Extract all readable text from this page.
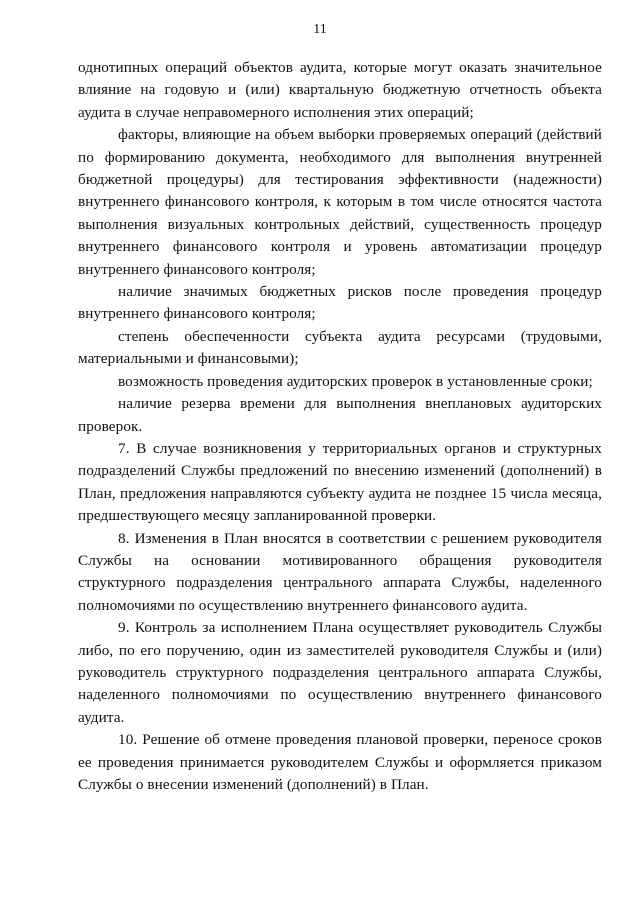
11

однотипных операций объектов аудита, которые могут оказать значительное влияние на годовую и (или) квартальную бюджетную отчетность объекта аудита в случае неправомерного исполнения этих операций;

факторы, влияющие на объем выборки проверяемых операций (действий по формированию документа, необходимого для выполнения внутренней бюджетной процедуры) для тестирования эффективности (надежности) внутреннего финансового контроля, к которым в том числе относятся частота выполнения визуальных контрольных действий, существенность процедур внутреннего финансового контроля и уровень автоматизации процедур внутреннего финансового контроля;

наличие значимых бюджетных рисков после проведения процедур внутреннего финансового контроля;

степень обеспеченности субъекта аудита ресурсами (трудовыми, материальными и финансовыми);

возможность проведения аудиторских проверок в установленные сроки;

наличие резерва времени для выполнения внеплановых аудиторских проверок.

7. В случае возникновения у территориальных органов и структурных подразделений Службы предложений по внесению изменений (дополнений) в План, предложения направляются субъекту аудита не позднее 15 числа месяца, предшествующего месяцу запланированной проверки.

8. Изменения в План вносятся в соответствии с решением руководителя Службы на основании мотивированного обращения руководителя структурного подразделения центрального аппарата Службы, наделенного полномочиями по осуществлению внутреннего финансового аудита.

9. Контроль за исполнением Плана осуществляет руководитель Службы либо, по его поручению, один из заместителей руководителя Службы и (или) руководитель структурного подразделения центрального аппарата Службы, наделенного полномочиями по осуществлению внутреннего финансового аудита.

10. Решение об отмене проведения плановой проверки, переносе сроков ее проведения принимается руководителем Службы и оформляется приказом Службы о внесении изменений (дополнений) в План.
